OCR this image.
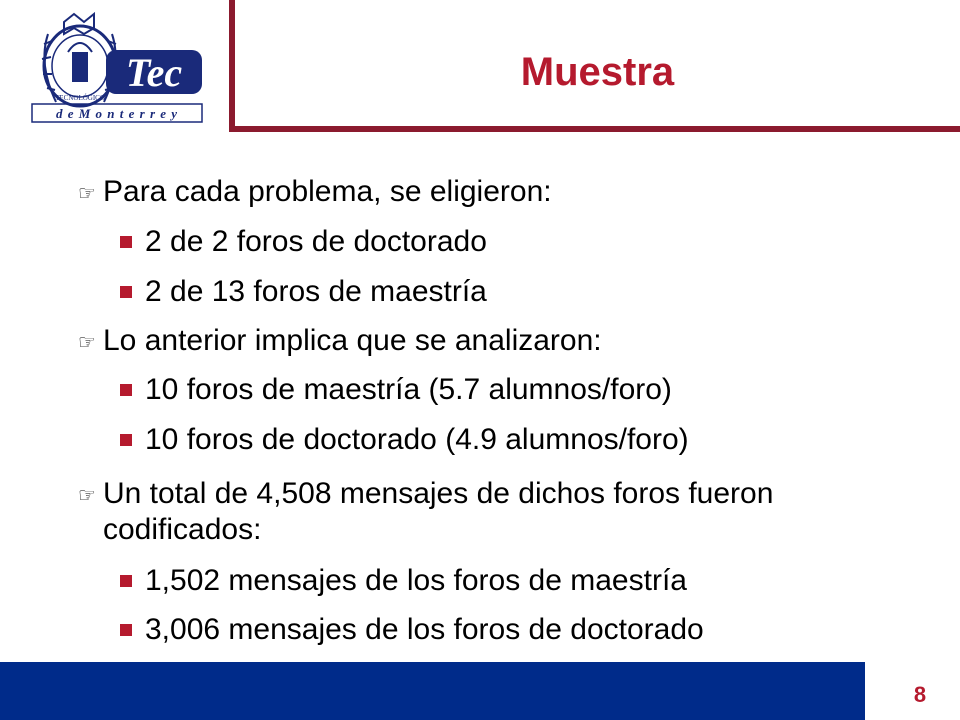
TECNOLÓGICO
Tec
d e M o n t e r r e y
Muestra
☞ Para cada problema, se eligieron:
2 de 2 foros de doctorado
2 de 13 foros de maestría
☞ Lo anterior implica que se analizaron:
10 foros de maestría (5.7 alumnos/foro)
10 foros de doctorado (4.9 alumnos/foro)
☞ Un total de 4,508 mensajes de dichos foros fueron codificados:
1,502 mensajes de los foros de maestría
3,006 mensajes de los foros de doctorado
8
